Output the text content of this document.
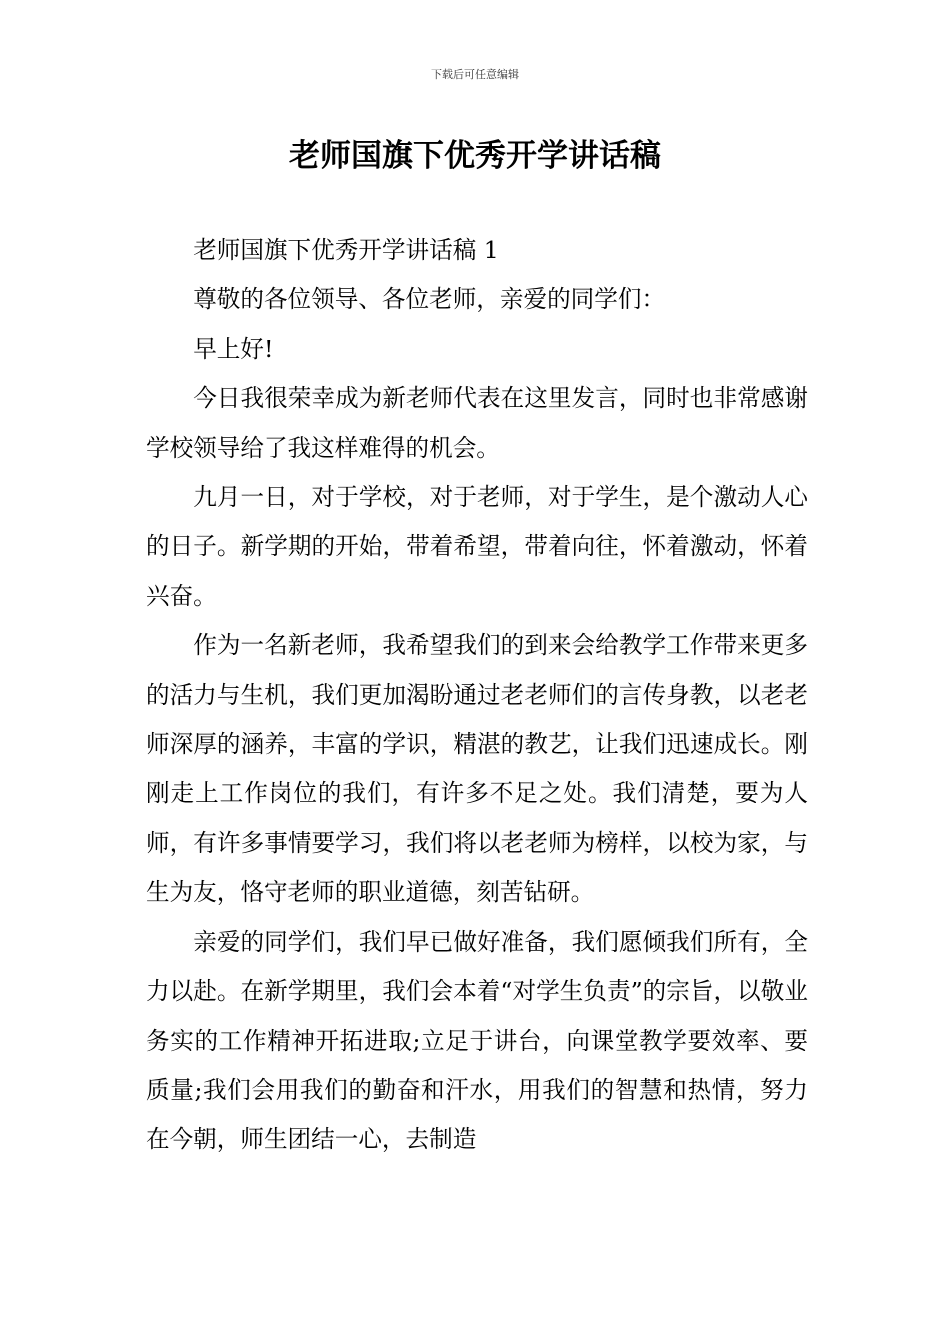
下载后可任意编辑
老师国旗下优秀开学讲话稿

老师国旗下优秀开学讲话稿 1

尊敬的各位领导、各位老师，亲爱的同学们：

早上好!

今日我很荣幸成为新老师代表在这里发言，同时也非常感谢学校领导给了我这样难得的机会。

九月一日，对于学校，对于老师，对于学生，是个激动人心的日子。新学期的开始，带着希望，带着向往，怀着激动，怀着兴奋。

作为一名新老师，我希望我们的到来会给教学工作带来更多的活力与生机，我们更加渴盼通过老老师们的言传身教，以老老师深厚的涵养，丰富的学识，精湛的教艺，让我们迅速成长。刚刚走上工作岗位的我们，有许多不足之处。我们清楚，要为人师，有许多事情要学习，我们将以老老师为榜样，以校为家，与生为友，恪守老师的职业道德，刻苦钻研。

亲爱的同学们，我们早已做好准备，我们愿倾我们所有，全力以赴。在新学期里，我们会本着“对学生负责”的宗旨，以敬业务实的工作精神开拓进取;立足于讲台，向课堂教学要效率、要质量;我们会用我们的勤奋和汗水，用我们的智慧和热情，努力在今朝，师生团结一心，去制造
